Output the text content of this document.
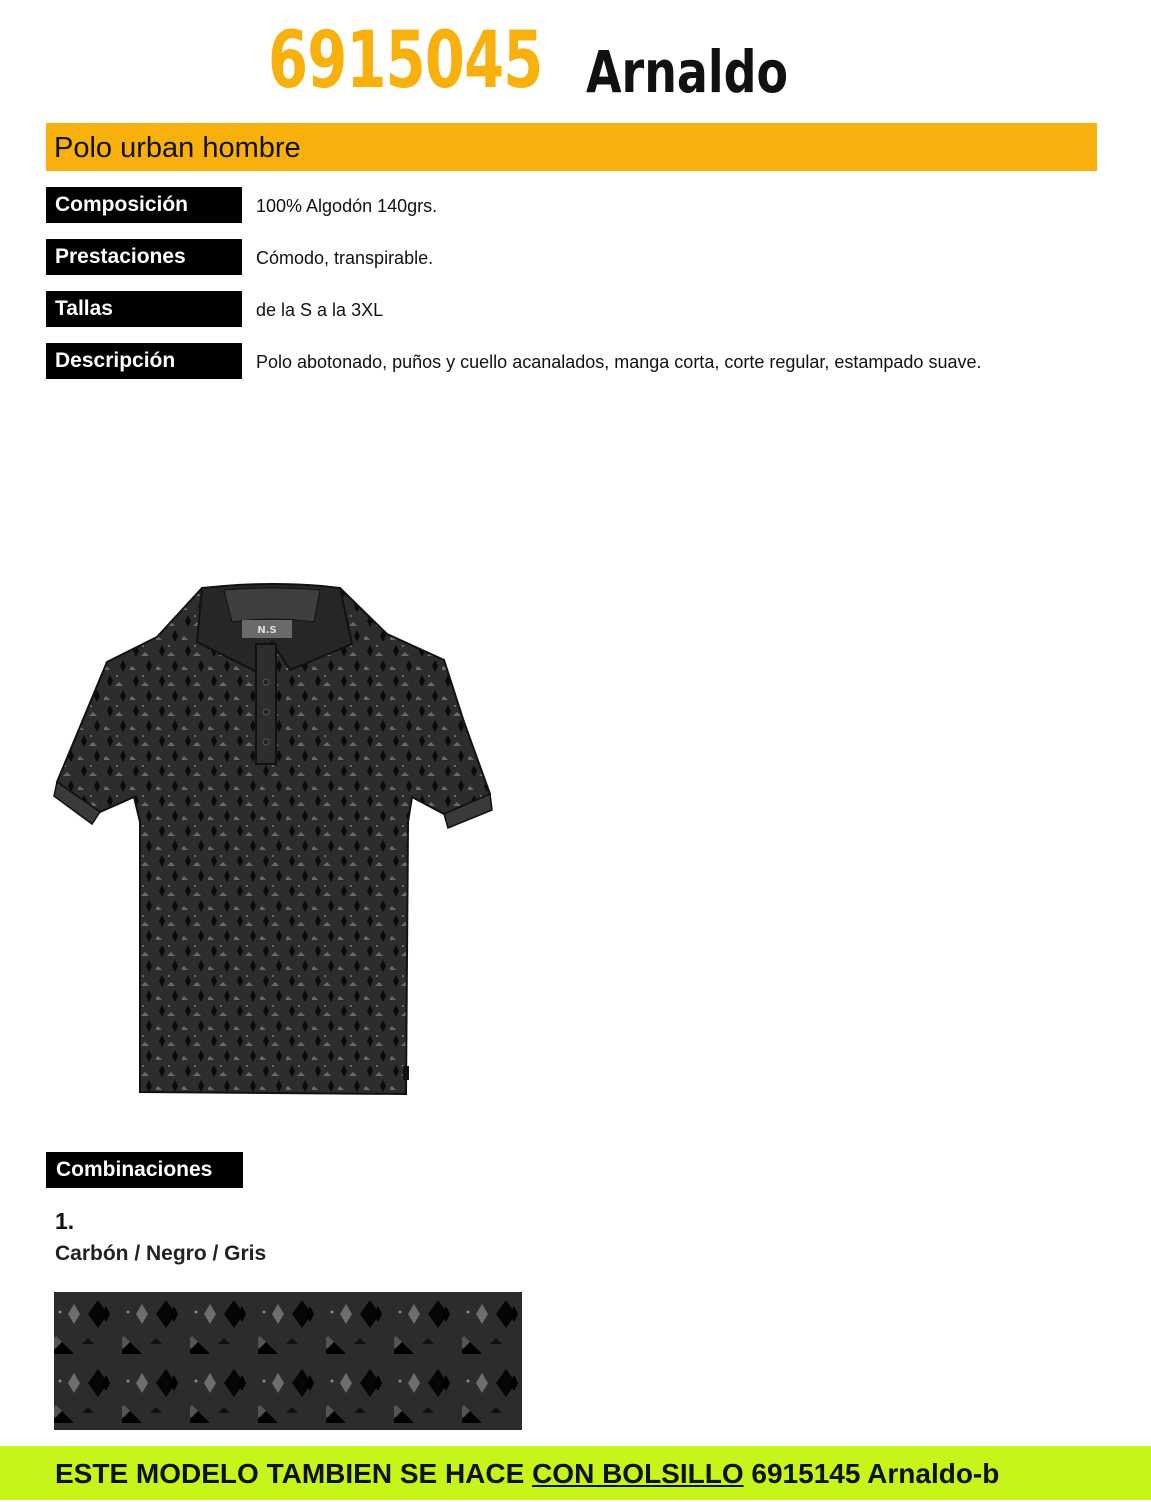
6915045 Arnaldo
Polo urban hombre
Composición	100% Algodón 140grs.
Prestaciones	Cómodo, transpirable.
Tallas	de la S a la 3XL
Descripción	Polo abotonado, puños y cuello acanalados, manga corta, corte regular, estampado suave.
N.S
Combinaciones
1.
Carbón / Negro / Gris
ESTE MODELO TAMBIEN SE HACE CON BOLSILLO 6915145 Arnaldo-b
